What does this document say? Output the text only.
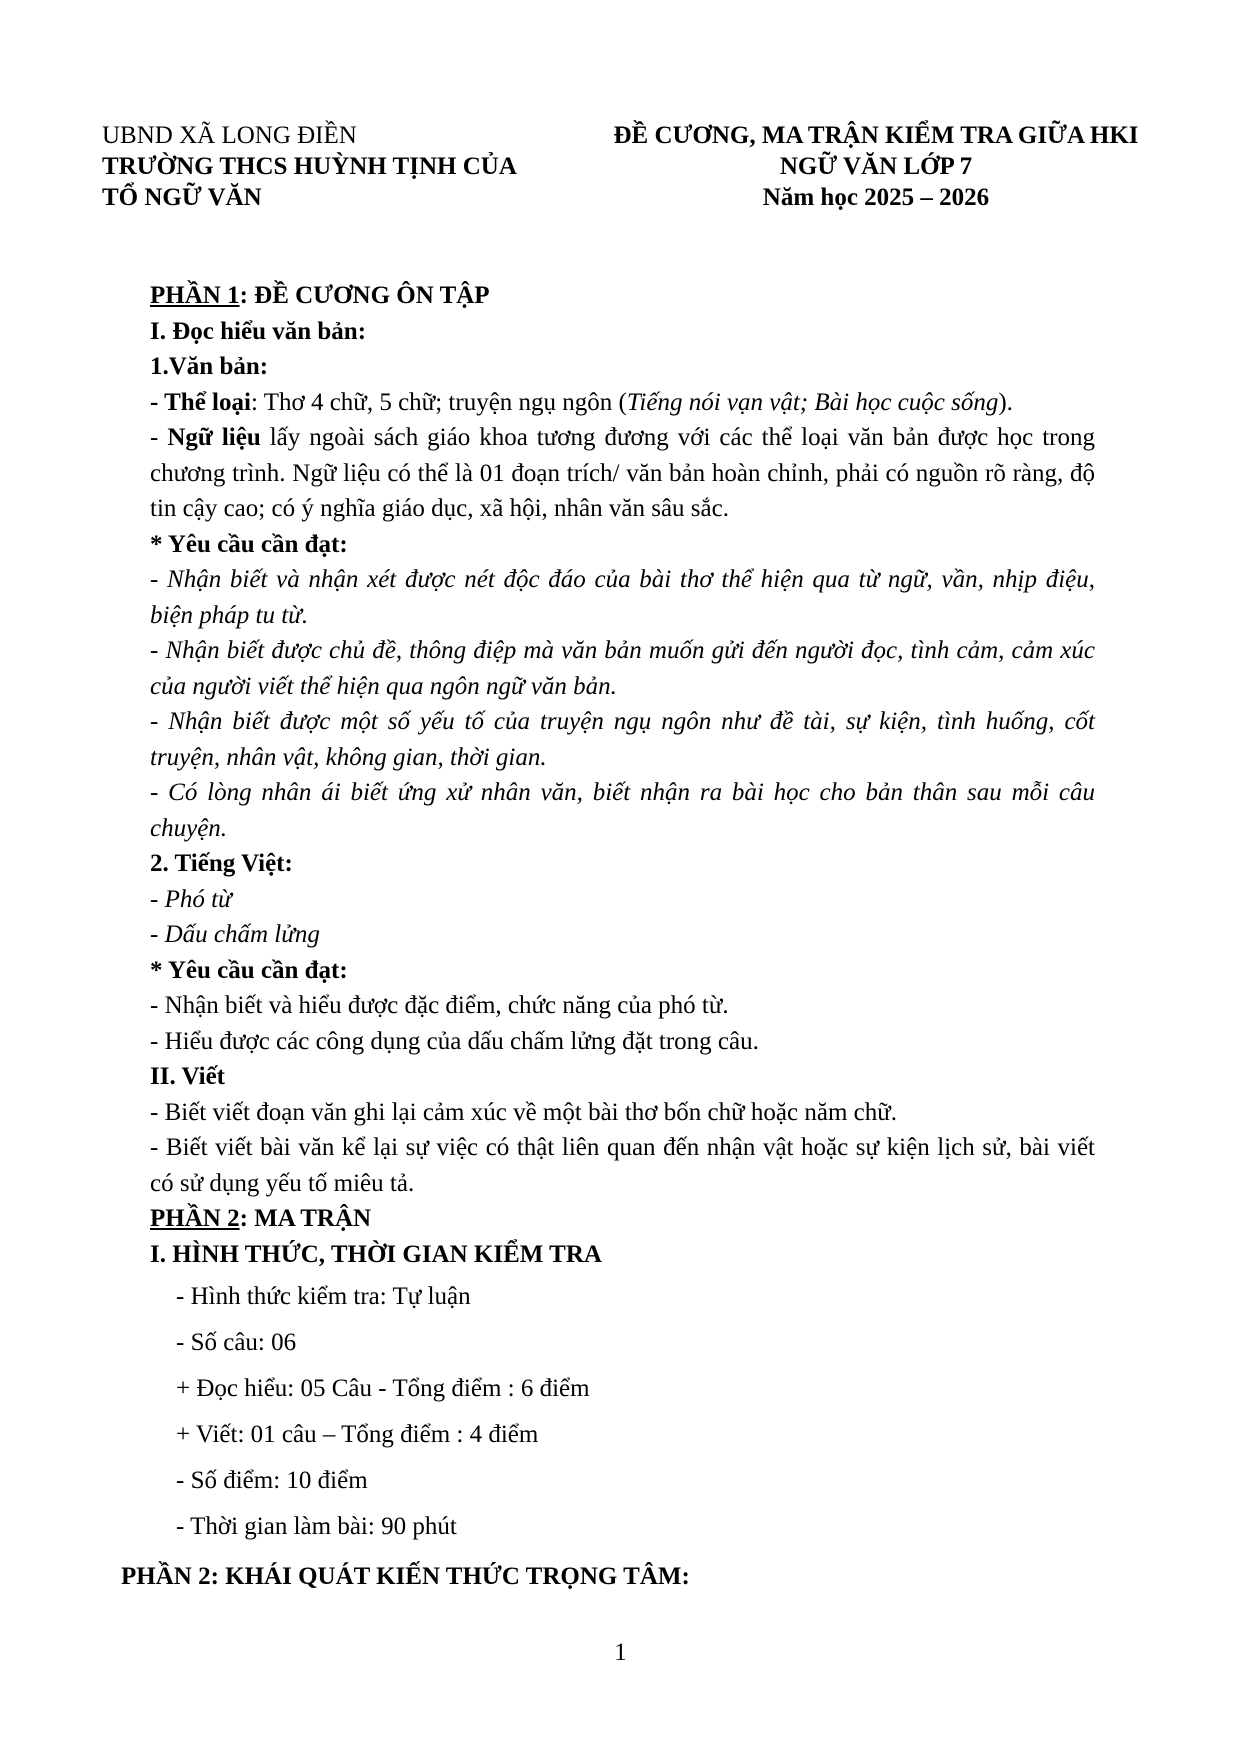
UBND XÃ LONG ĐIỀN
TRƯỜNG THCS HUỲNH TỊNH CỦA
TỔ NGỮ VĂN
ĐỀ CƯƠNG, MA TRẬN KIỂM TRA GIỮA HKI
NGỮ VĂN LỚP 7
Năm học 2025 – 2026
PHẦN 1: ĐỀ CƯƠNG ÔN TẬP
I. Đọc hiểu văn bản:
1.Văn bản:
- Thể loại: Thơ 4 chữ, 5 chữ; truyện ngụ ngôn (Tiếng nói vạn vật; Bài học cuộc sống).
- Ngữ liệu lấy ngoài sách giáo khoa tương đương với các thể loại văn bản được học trong chương trình. Ngữ liệu có thể là 01 đoạn trích/ văn bản hoàn chỉnh, phải có nguồn rõ ràng, độ tin cậy cao; có ý nghĩa giáo dục, xã hội, nhân văn sâu sắc.
* Yêu cầu cần đạt:
- Nhận biết và nhận xét được nét độc đáo của bài thơ thể hiện qua từ ngữ, vần, nhịp điệu, biện pháp tu từ.
- Nhận biết được chủ đề, thông điệp mà văn bản muốn gửi đến người đọc, tình cảm, cảm xúc của người viết thể hiện qua ngôn ngữ văn bản.
- Nhận biết được một số yếu tố của truyện ngụ ngôn như đề tài, sự kiện, tình huống, cốt truyện, nhân vật, không gian, thời gian.
- Có lòng nhân ái biết ứng xử nhân văn, biết nhận ra bài học cho bản thân sau mỗi câu chuyện.
2. Tiếng Việt:
- Phó từ
- Dấu chấm lửng
* Yêu cầu cần đạt:
- Nhận biết và hiểu được đặc điểm, chức năng của phó từ.
- Hiểu được các công dụng của dấu chấm lửng đặt trong câu.
II. Viết
- Biết viết đoạn văn ghi lại cảm xúc về một bài thơ bốn chữ hoặc năm chữ.
- Biết viết bài văn kể lại sự việc có thật liên quan đến nhận vật hoặc sự kiện lịch sử, bài viết có sử dụng yếu tố miêu tả.
PHẦN 2: MA TRẬN
I. HÌNH THỨC, THỜI GIAN KIỂM TRA
- Hình thức kiểm tra: Tự luận
- Số câu: 06
+ Đọc hiểu: 05 Câu - Tổng điểm : 6 điểm
+ Viết: 01 câu – Tổng điểm : 4 điểm
- Số điểm: 10 điểm
- Thời gian làm bài: 90 phút
PHẦN 2: KHÁI QUÁT KIẾN THỨC TRỌNG TÂM:
1
